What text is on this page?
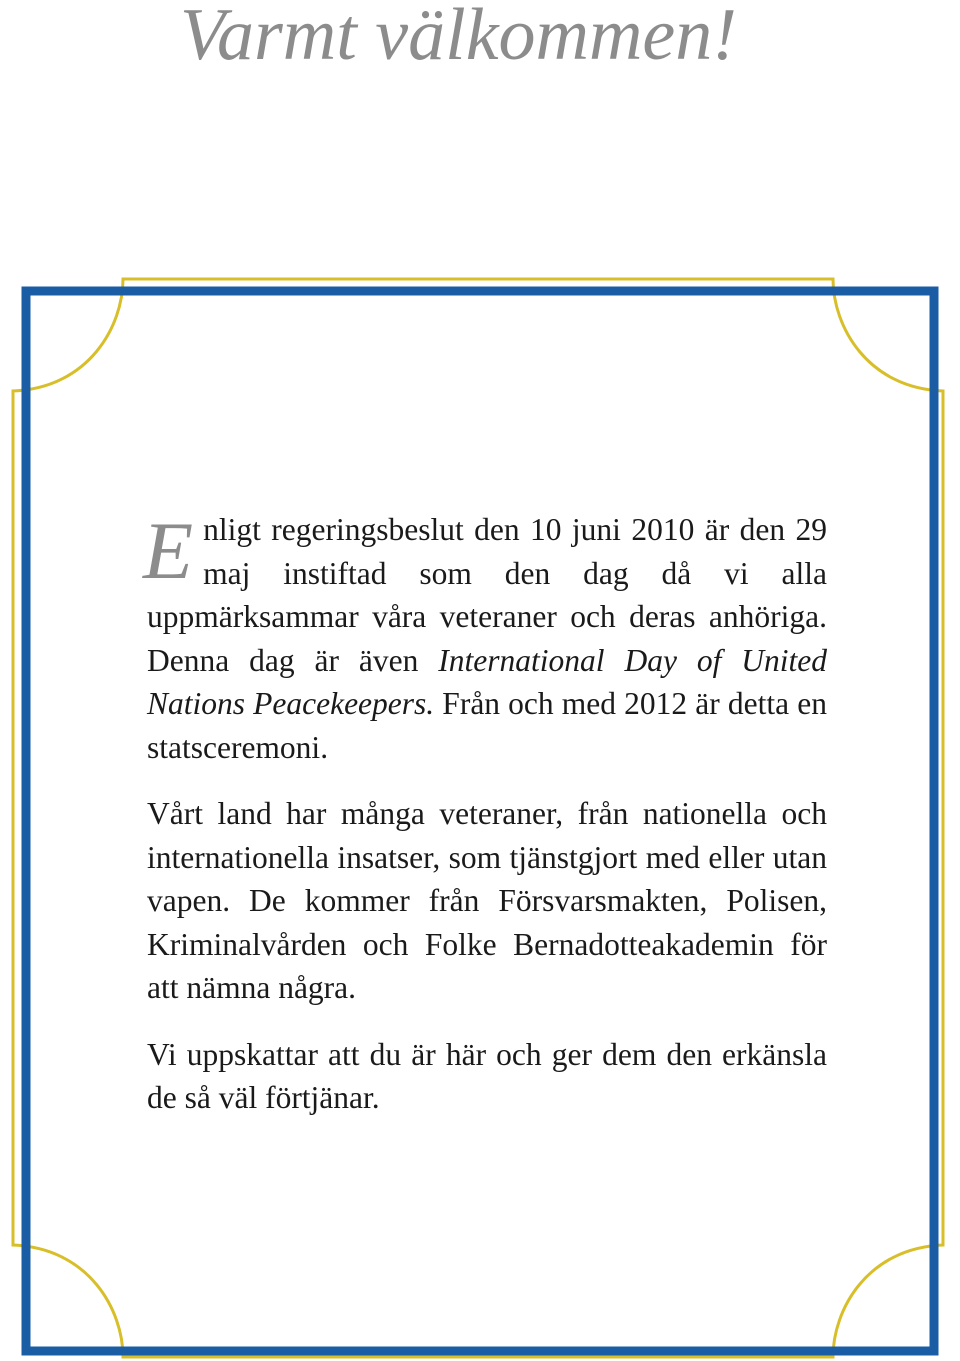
Varmt välkommen!

Enligt regeringsbeslut den 10 juni 2010 är den 29 maj instiftad som den dag då vi alla uppmärksammar våra veteraner och deras anhöriga. Denna dag är även International Day of United Nations Peacekeepers. Från och med 2012 är detta en statsceremoni.

Vårt land har många veteraner, från nationella och internationella insatser, som tjänstgjort med eller utan vapen. De kommer från Försvarsmakten, Polisen, Kriminalvården och Folke Bernadotteakademin för att nämna några.

Vi uppskattar att du är här och ger dem den erkänsla de så väl förtjänar.
